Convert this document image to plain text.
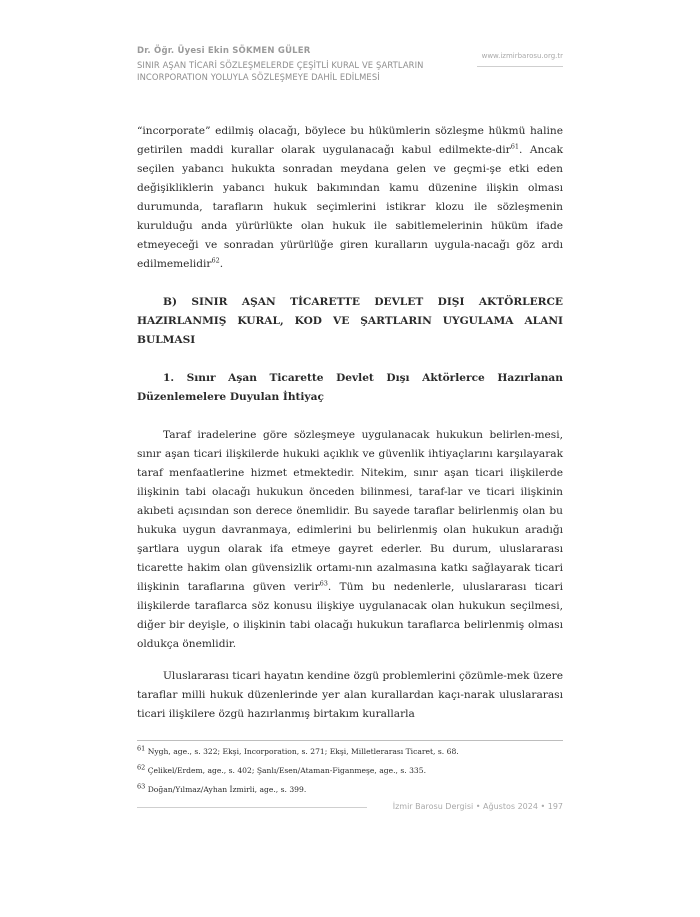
Dr. Öğr. Üyesi Ekin SÖKMEN GÜLER
SINIR AŞAN TİCARİ SÖZLEŞMELERDE ÇEŞİTLİ KURAL VE ŞARTLARIN INCORPORATION YOLUYLA SÖZLEŞMEYE DAHİL EDİLMESİ
www.izmirbarosu.org.tr

“incorporate” edilmiş olacağı, böylece bu hükümlerin sözleşme hükmü haline getirilen maddi kurallar olarak uygulanacağı kabul edilmekte-dir$^{61}$. Ancak seçilen yabancı hukukta sonradan meydana gelen ve geçmi-şe etki eden değişikliklerin yabancı hukuk bakımından kamu düzenine ilişkin olması durumunda, tarafların hukuk seçimlerini istikrar klozu ile sözleşmenin kurulduğu anda yürürlükte olan hukuk ile sabitlemelerinin hüküm ifade etmeyeceği ve sonradan yürürlüğe giren kuralların uygula-nacağı göz ardı edilmemelidir$^{62}$.

B) SINIR AŞAN TİCARETTE DEVLET DIŞI AKTÖRLERCE HAZIRLANMIŞ KURAL, KOD VE ŞARTLARIN UYGULAMA ALANI BULMASI

1. Sınır Aşan Ticarette Devlet Dışı Aktörlerce Hazırlanan Düzenlemelere Duyulan İhtiyaç

Taraf iradelerine göre sözleşmeye uygulanacak hukukun belirlen-mesi, sınır aşan ticari ilişkilerde hukuki açıklık ve güvenlik ihtiyaçlarını karşılayarak taraf menfaatlerine hizmet etmektedir. Nitekim, sınır aşan ticari ilişkilerde ilişkinin tabi olacağı hukukun önceden bilinmesi, taraf-lar ve ticari ilişkinin akıbeti açısından son derece önemlidir. Bu sayede taraflar belirlenmiş olan bu hukuka uygun davranmaya, edimlerini bu belirlenmiş olan hukukun aradığı şartlara uygun olarak ifa etmeye gayret ederler. Bu durum, uluslararası ticarette hakim olan güvensizlik ortamı-nın azalmasına katkı sağlayarak ticari ilişkinin taraflarına güven verir$^{63}$. Tüm bu nedenlerle, uluslararası ticari ilişkilerde taraflarca söz konusu ilişkiye uygulanacak olan hukukun seçilmesi, diğer bir deyişle, o ilişkinin tabi olacağı hukukun taraflarca belirlenmiş olması oldukça önemlidir.

Uluslararası ticari hayatın kendine özgü problemlerini çözümle-mek üzere taraflar milli hukuk düzenlerinde yer alan kurallardan kaçı-narak uluslararası ticari ilişkilere özgü hazırlanmış birtakım kurallarla

$^{61}$ Nygh, age., s. 322; Ekşi, Incorporation, s. 271; Ekşi, Milletlerarası Ticaret, s. 68.

$^{62}$ Çelikel/Erdem, age., s. 402; Şanlı/Esen/Ataman-Figanmeşe, age., s. 335.

$^{63}$ Doğan/Yılmaz/Ayhan İzmirli, age., s. 399.

İzmir Barosu Dergisi • Ağustos 2024 • 197
